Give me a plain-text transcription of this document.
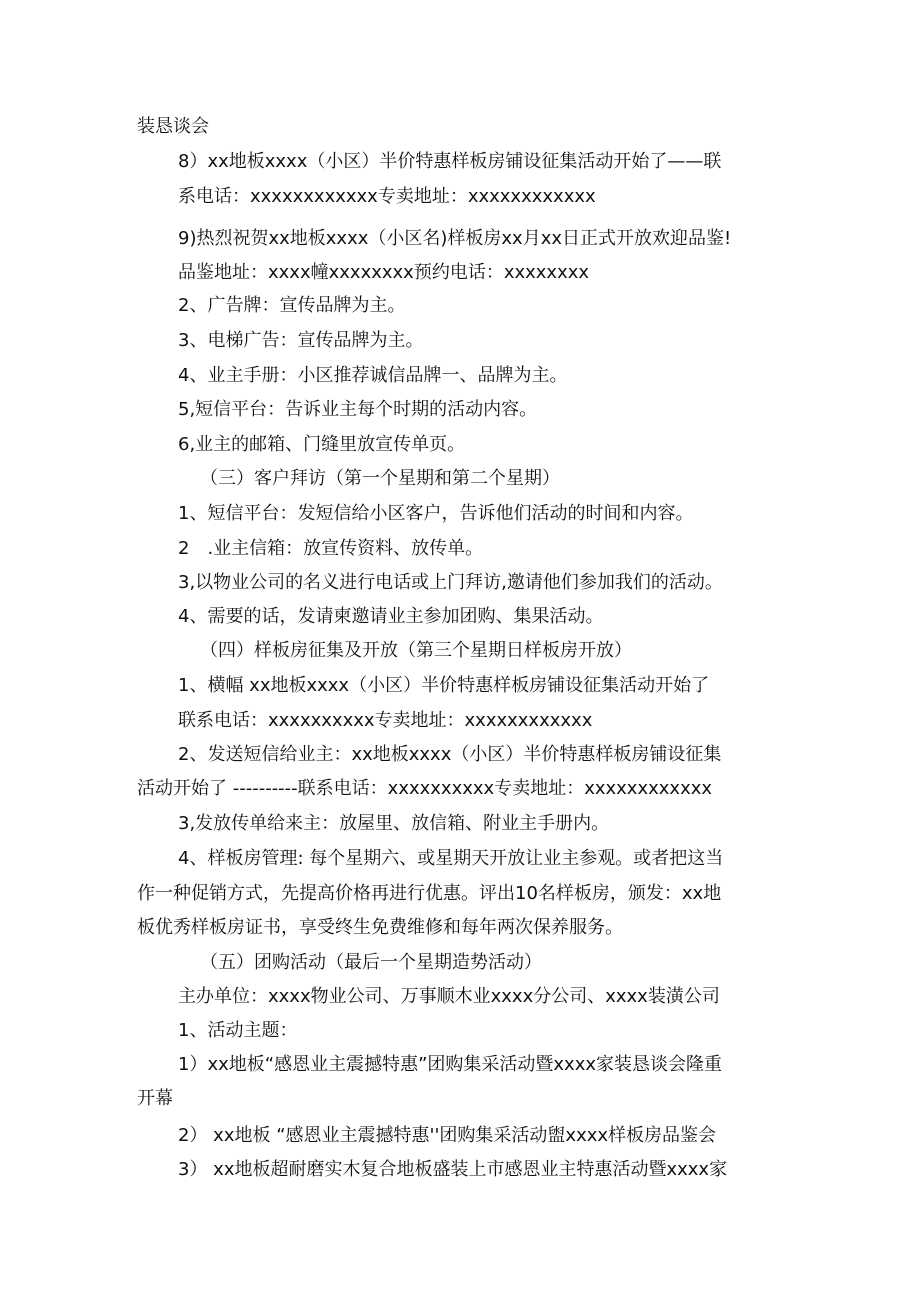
装恳谈会
8）xx地板xxxx（小区）半价特惠样板房铺设征集活动开始了——联
系电话：xxxxxxxxxxxx专卖地址：xxxxxxxxxxxx
9)热烈祝贺xx地板xxxx（小区名)样板房xx月xx日正式开放欢迎品鉴!
品鉴地址：xxxx幢xxxxxxxx预约电话：xxxxxxxx
2、广告牌：宣传品牌为主。
3、电梯广告：宣传品牌为主。
4、业主手册：小区推荐诚信品牌一、品牌为主。
5,短信平台：告诉业主每个时期的活动内容。
6,业主的邮箱、门缝里放宣传单页。
（三）客户拜访（第一个星期和第二个星期）
1、短信平台：发短信给小区客户，告诉他们活动的时间和内容。
2　.业主信箱：放宣传资料、放传单。
3,以物业公司的名义进行电话或上门拜访,邀请他们参加我们的活动。
4、需要的话，发请柬邀请业主参加团购、集果活动。
（四）样板房征集及开放（第三个星期日样板房开放）
1、横幅 xx地板xxxx（小区）半价特惠样板房铺设征集活动开始了
联系电话：xxxxxxxxxx专卖地址：xxxxxxxxxxxx
2、发送短信给业主：xx地板xxxx（小区）半价特惠样板房铺设征集
活动开始了 ----------联系电话：xxxxxxxxxx专卖地址：xxxxxxxxxxxx
3,发放传单给来主：放屋里、放信箱、附业主手册内。
4、样板房管理: 每个星期六、或星期天开放让业主参观。或者把这当
作一种促销方式，先提高价格再进行优惠。评出10名样板房，颁发：xx地
板优秀样板房证书，享受终生免费维修和每年两次保养服务。
（五）团购活动（最后一个星期造势活动）
主办单位：xxxx物业公司、万事顺木业xxxx分公司、xxxx装潢公司
1、活动主题：
1）xx地板“感恩业主震撼特惠”团购集采活动暨xxxx家装恳谈会隆重
开幕
2） xx地板 “感恩业主震撼特惠''团购集采活动盥xxxx样板房品鉴会
3） xx地板超耐磨实木复合地板盛装上市感恩业主特惠活动暨xxxx家
